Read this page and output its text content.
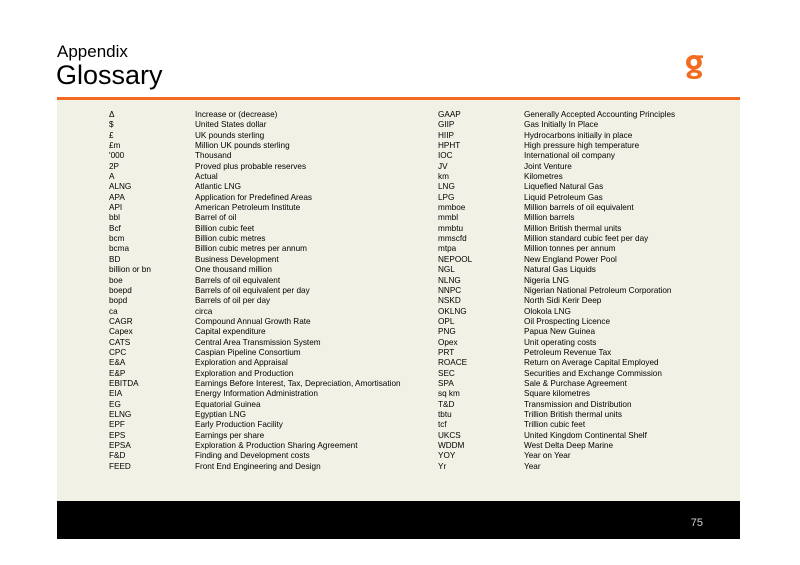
Appendix
Glossary
Δ	Increase or (decrease)
$	United States dollar
£	UK pounds sterling
£m	Million UK pounds sterling
'000	Thousand
2P	Proved plus probable reserves
A	Actual
ALNG	Atlantic LNG
APA	Application for Predefined Areas
API	American Petroleum Institute
bbl	Barrel of oil
Bcf	Billion cubic feet
bcm	Billion cubic metres
bcma	Billion cubic metres per annum
BD	Business Development
billion or bn	One thousand million
boe	Barrels of oil equivalent
boepd	Barrels of oil equivalent per day
bopd	Barrels of oil per day
ca	circa
CAGR	Compound Annual Growth Rate
Capex	Capital expenditure
CATS	Central Area Transmission System
CPC	Caspian Pipeline Consortium
E&A	Exploration and Appraisal
E&P	Exploration and Production
EBITDA	Earnings Before Interest, Tax, Depreciation, Amortisation
EIA	Energy Information Administration
EG	Equatorial Guinea
ELNG	Egyptian LNG
EPF	Early Production Facility
EPS	Earnings per share
EPSA	Exploration & Production Sharing Agreement
F&D	Finding and Development costs
FEED	Front End Engineering and Design
GAAP	Generally Accepted Accounting Principles
GIIP	Gas Initially In Place
HIIP	Hydrocarbons initially in place
HPHT	High pressure high temperature
IOC	International oil company
JV	Joint Venture
km	Kilometres
LNG	Liquefied Natural Gas
LPG	Liquid Petroleum Gas
mmboe	Million barrels of oil equivalent
mmbl	Million barrels
mmbtu	Million British thermal units
mmscfd	Million standard cubic feet per day
mtpa	Million tonnes per annum
NEPOOL	New England Power Pool
NGL	Natural Gas Liquids
NLNG	Nigeria LNG
NNPC	Nigerian National Petroleum Corporation
NSKD	North Sidi Kerir Deep
OKLNG	Olokola LNG
OPL	Oil Prospecting Licence
PNG	Papua New Guinea
Opex	Unit operating costs
PRT	Petroleum Revenue Tax
ROACE	Return on Average Capital Employed
SEC	Securities and Exchange Commission
SPA	Sale & Purchase Agreement
sq km	Square kilometres
T&D	Transmission and Distribution
tbtu	Trillion British thermal units
tcf	Trillion cubic feet
UKCS	United Kingdom Continental Shelf
WDDM	West Delta Deep Marine
YOY	Year on Year
Yr	Year
75
